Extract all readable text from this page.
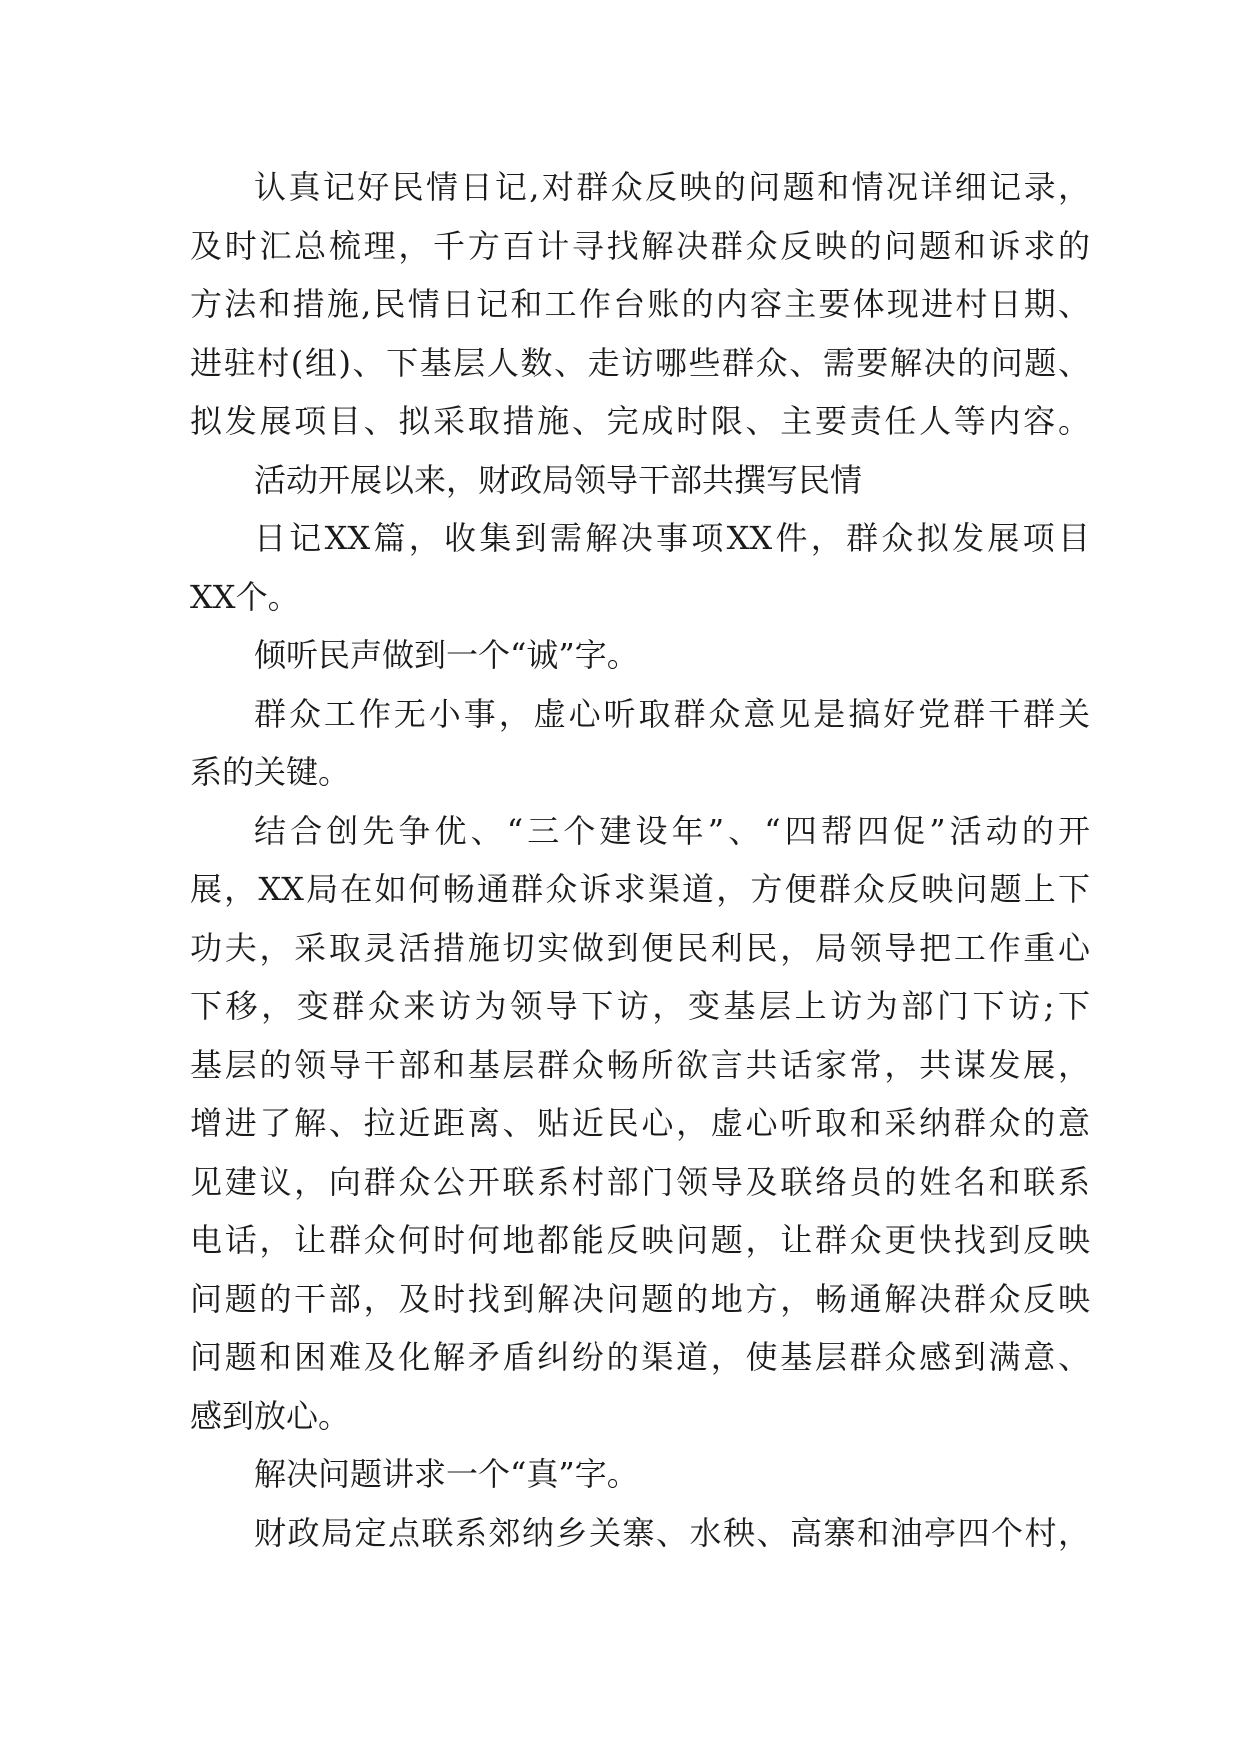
认真记好民情日记,对群众反映的问题和情况详细记录，
及时汇总梳理，千方百计寻找解决群众反映的问题和诉求的
方法和措施,民情日记和工作台账的内容主要体现进村日期、
进驻村(组)、下基层人数、走访哪些群众、需要解决的问题、
拟发展项目、拟采取措施、完成时限、主要责任人等内容。
活动开展以来，财政局领导干部共撰写民情
日记XX篇，收集到需解决事项XX件，群众拟发展项目
XX个。
倾听民声做到一个“诚”字。
群众工作无小事，虚心听取群众意见是搞好党群干群关
系的关键。
结合创先争优、“三个建设年”、“四帮四促”活动的开
展，XX局在如何畅通群众诉求渠道，方便群众反映问题上下
功夫，采取灵活措施切实做到便民利民，局领导把工作重心
下移，变群众来访为领导下访，变基层上访为部门下访;下
基层的领导干部和基层群众畅所欲言共话家常，共谋发展，
增进了解、拉近距离、贴近民心，虚心听取和采纳群众的意
见建议，向群众公开联系村部门领导及联络员的姓名和联系
电话，让群众何时何地都能反映问题，让群众更快找到反映
问题的干部，及时找到解决问题的地方，畅通解决群众反映
问题和困难及化解矛盾纠纷的渠道，使基层群众感到满意、
感到放心。
解决问题讲求一个“真”字。
财政局定点联系郊纳乡关寨、水秧、高寨和油亭四个村，
